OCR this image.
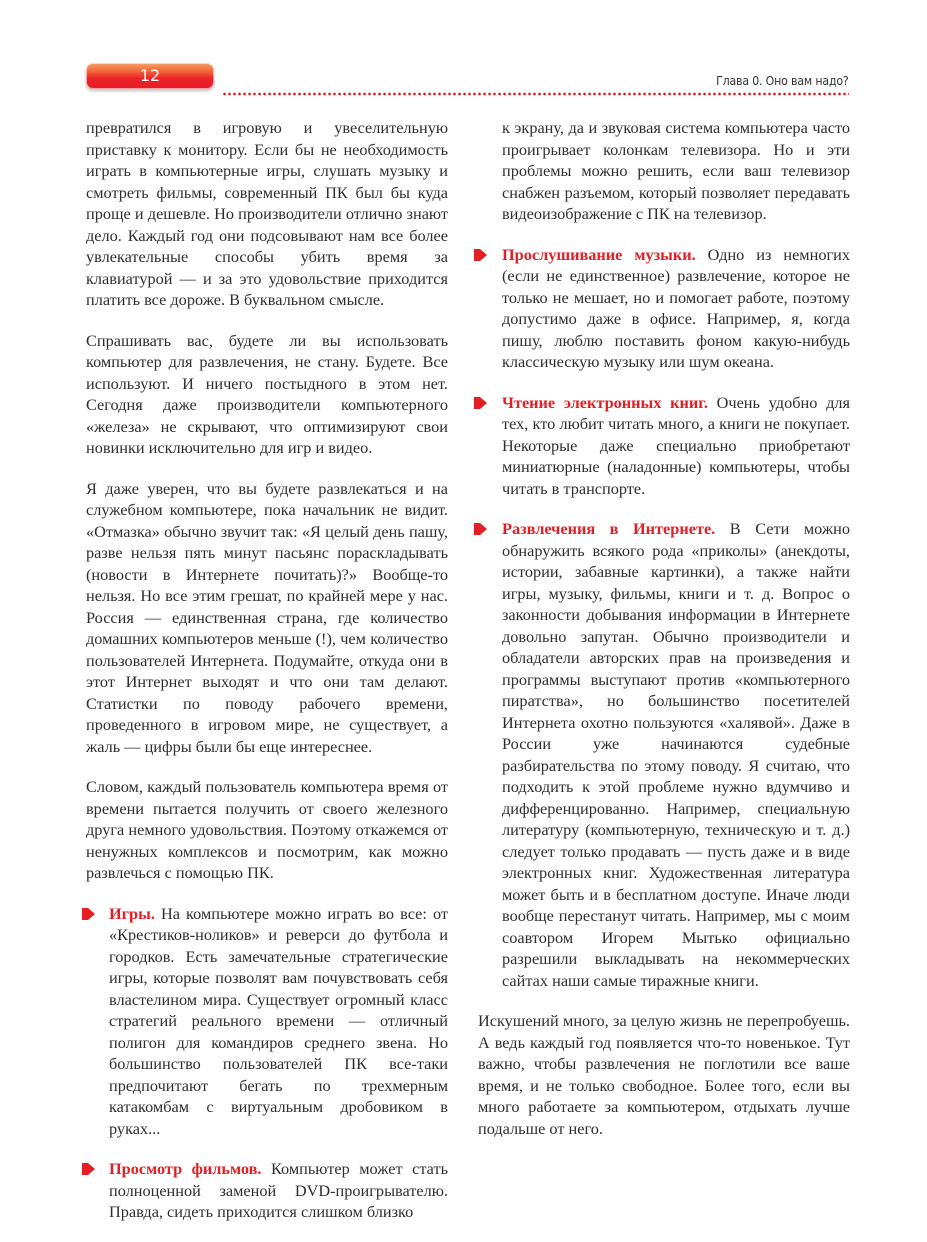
12	Глава 0. Оно вам надо?

превратился в игровую и увеселительную приставку к монитору. Если бы не необходимость играть в компьютерные игры, слушать музыку и смотреть фильмы, современный ПК был бы куда проще и дешевле. Но производители отлично знают дело. Каждый год они подсовывают нам все более увлекательные способы убить время за клавиатурой — и за это удовольствие приходится платить все дороже. В буквальном смысле.

Спрашивать вас, будете ли вы использовать компьютер для развлечения, не стану. Будете. Все используют. И ничего постыдного в этом нет. Сегодня даже производители компьютерного «железа» не скрывают, что оптимизируют свои новинки исключительно для игр и видео.

Я даже уверен, что вы будете развлекаться и на служебном компьютере, пока начальник не видит. «Отмазка» обычно звучит так: «Я целый день пашу, разве нельзя пять минут пасьянс пораскладывать (новости в Интернете почитать)?» Вообще-то нельзя. Но все этим грешат, по крайней мере у нас. Россия — единственная страна, где количество домашних компьютеров меньше (!), чем количество пользователей Интернета. Подумайте, откуда они в этот Интернет выходят и что они там делают. Статистки по поводу рабочего времени, проведенного в игровом мире, не существует, а жаль — цифры были бы еще интереснее.

Словом, каждый пользователь компьютера время от времени пытается получить от своего железного друга немного удовольствия. Поэтому откажемся от ненужных комплексов и посмотрим, как можно развлечься с помощью ПК.

Игры. На компьютере можно играть во все: от «Крестиков-ноликов» и реверси до футбола и городков. Есть замечательные стратегические игры, которые позволят вам почувствовать себя властелином мира. Существует огромный класс стратегий реального времени — отличный полигон для командиров среднего звена. Но большинство пользователей ПК все-таки предпочитают бегать по трехмерным катакомбам с виртуальным дробовиком в руках...
Просмотр фильмов. Компьютер может стать полноценной заменой DVD-проигрывателю. Правда, сидеть приходится слишком близко

к экрану, да и звуковая система компьютера часто проигрывает колонкам телевизора. Но и эти проблемы можно решить, если ваш телевизор снабжен разъемом, который позволяет передавать видеоизображение с ПК на телевизор.

Прослушивание музыки. Одно из немногих (если не единственное) развлечение, которое не только не мешает, но и помогает работе, поэтому допустимо даже в офисе. Например, я, когда пишу, люблю поставить фоном какую-нибудь классическую музыку или шум океана.
Чтение электронных книг. Очень удобно для тех, кто любит читать много, а книги не покупает. Некоторые даже специально приобретают миниатюрные (наладонные) компьютеры, чтобы читать в транспорте.
Развлечения в Интернете. В Сети можно обнаружить всякого рода «приколы» (анекдоты, истории, забавные картинки), а также найти игры, музыку, фильмы, книги и т. д. Вопрос о законности добывания информации в Интернете довольно запутан. Обычно производители и обладатели авторских прав на произведения и программы выступают против «компьютерного пиратства», но большинство посетителей Интернета охотно пользуются «халявой». Даже в России уже начинаются судебные разбирательства по этому поводу. Я считаю, что подходить к этой проблеме нужно вдумчиво и дифференцированно. Например, специальную литературу (компьютерную, техническую и т. д.) следует только продавать — пусть даже и в виде электронных книг. Художественная литература может быть и в бесплатном доступе. Иначе люди вообще перестанут читать. Например, мы с моим соавтором Игорем Мытько официально разрешили выкладывать на некоммерческих сайтах наши самые тиражные книги.

Искушений много, за целую жизнь не перепробуешь. А ведь каждый год появляется что-то новенькое. Тут важно, чтобы развлечения не поглотили все ваше время, и не только свободное. Более того, если вы много работаете за компьютером, отдыхать лучше подальше от него.
